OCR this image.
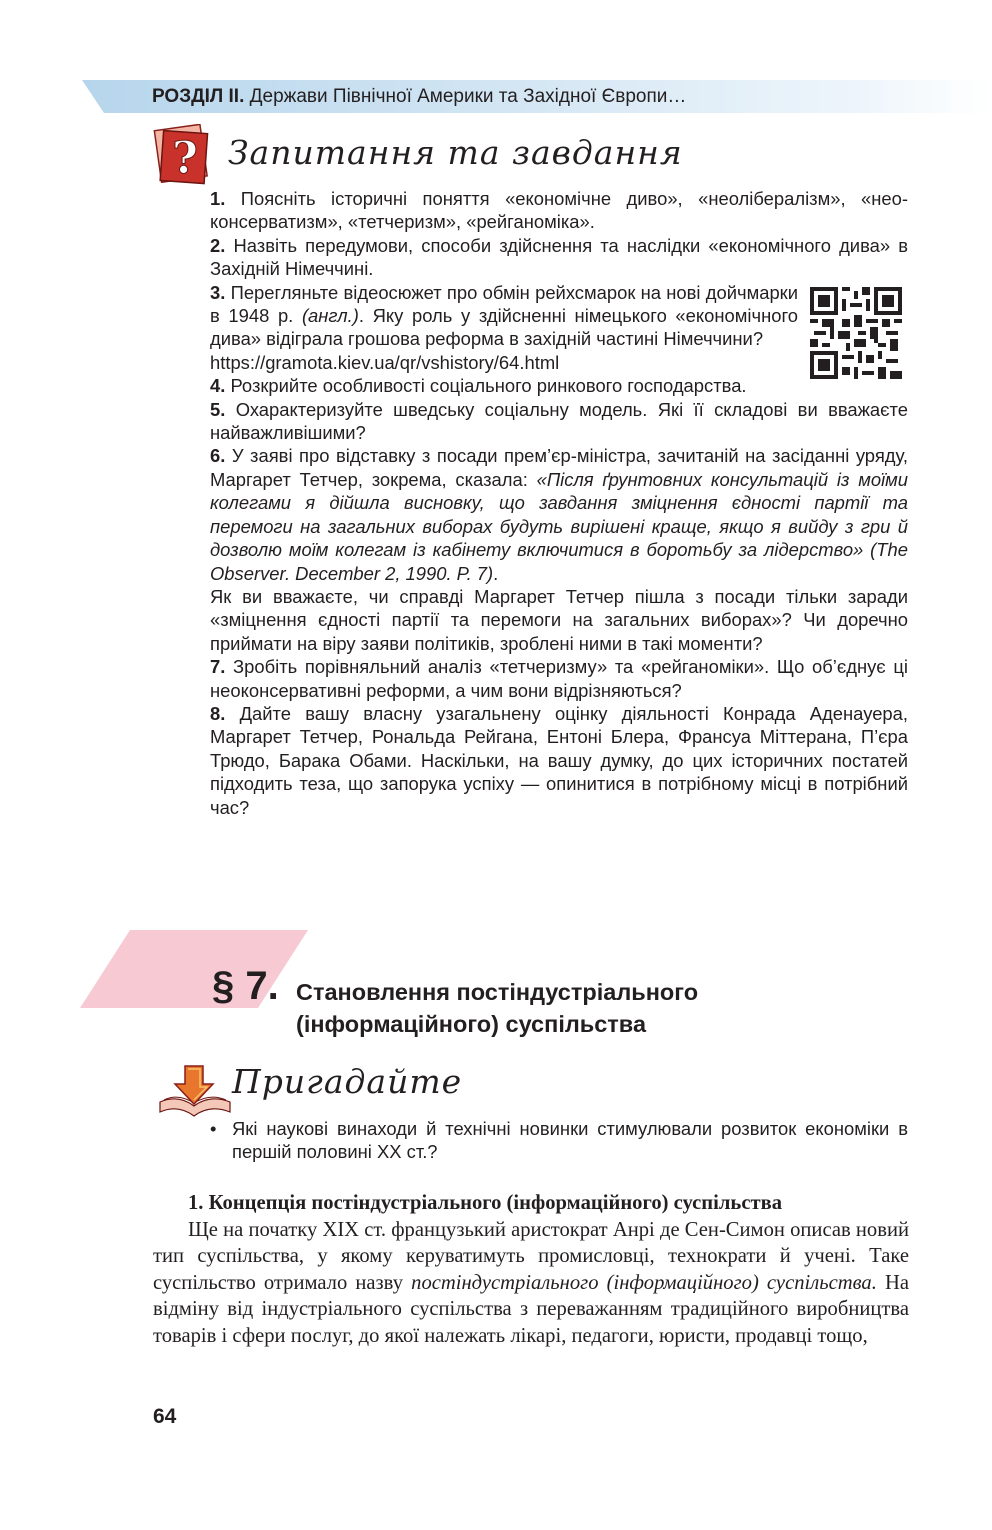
РОЗДІЛ II. Держави Північної Америки та Західної Європи…
? Запитання та завдання

1. Поясніть історичні поняття «економічне диво», «неолібералізм», «неоконсерватизм», «тетчеризм», «рейганоміка».

2. Назвіть передумови, способи здійснення та наслідки «економічного дива» в Західній Німеччині.

3. Перегляньте відеосюжет про обмін рейхсмарок на нові дойчмарки в 1948 р. (англ.). Яку роль у здійсненні німецького «економічного дива» відіграла грошова реформа в західній частині Німеччини?

https://gramota.kiev.ua/qr/vshistory/64.html

4. Розкрийте особливості соціального ринкового господарства.

5. Охарактеризуйте шведську соціальну модель. Які її складові ви вважаєте найважливішими?

6. У заяві про відставку з посади прем’єр-міністра, зачитаній на засіданні уряду, Маргарет Тетчер, зокрема, сказала: «Після ґрунтовних консультацій із моїми колегами я дійшла висновку, що завдання зміцнення єдності партії та перемоги на загальних виборах будуть вирішені краще, якщо я вийду з гри й дозволю моїм колегам із кабінету включитися в боротьбу за лідерство» (The Observer. December 2, 1990. P. 7).

Як ви вважаєте, чи справді Маргарет Тетчер пішла з посади тільки заради «зміцнення єдності партії та перемоги на загальних виборах»? Чи доречно приймати на віру заяви політиків, зроблені ними в такі моменти?

7. Зробіть порівняльний аналіз «тетчеризму» та «рейганоміки». Що об’єднує ці неоконсервативні реформи, а чим вони відрізняються?

8. Дайте вашу власну узагальнену оцінку діяльності Конрада Аденауера, Маргарет Тетчер, Рональда Рейгана, Ентоні Блера, Франсуа Міттерана, П’єра Трюдо, Барака Обами. Наскільки, на вашу думку, до цих історичних постатей підходить теза, що запорука успіху — опинитися в потрібному місці в потрібний час?

§ 7. Становлення постіндустріального
(інформаційного) суспільства
Пригадайте
• Які наукові винаходи й технічні новинки стимулювали розвиток економіки в першій половині XX ст.?
1. Концепція постіндустріального (інформаційного) суспільства

Ще на початку XIX ст. французький аристократ Анрі де Сен-Симон описав новий тип суспільства, у якому керуватимуть промисловці, технократи й учені. Таке суспільство отримало назву постіндустріального (інформаційного) суспільства. На відміну від індустріального суспільства з переважанням традиційного виробництва товарів і сфери послуг, до якої належать лікарі, педагоги, юристи, продавці тощо,

64
